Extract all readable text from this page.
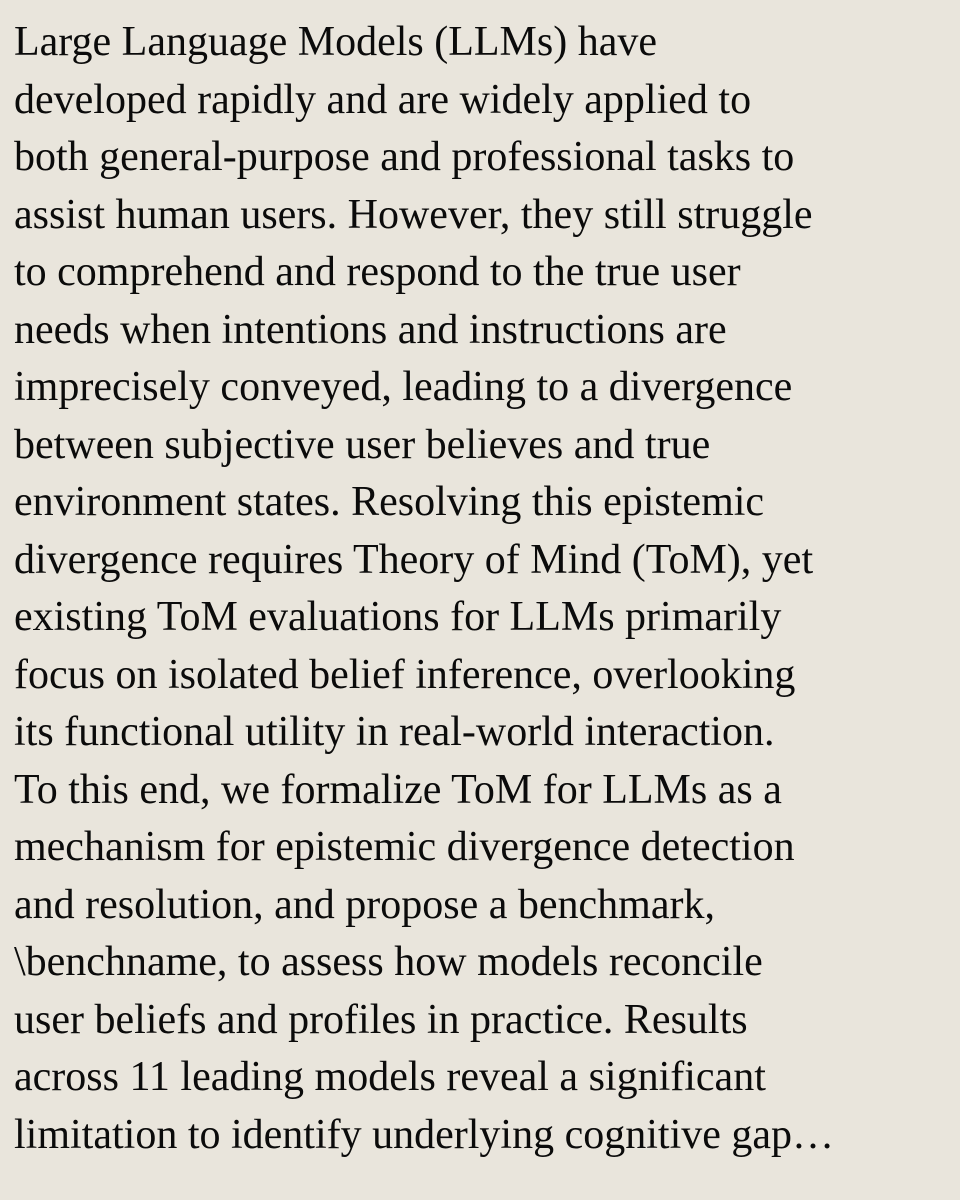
Large Language Models (LLMs) have
developed rapidly and are widely applied to
both general-purpose and professional tasks to
assist human users. However, they still struggle
to comprehend and respond to the true user
needs when intentions and instructions are
imprecisely conveyed, leading to a divergence
between subjective user believes and true
environment states. Resolving this epistemic
divergence requires Theory of Mind (ToM), yet
existing ToM evaluations for LLMs primarily
focus on isolated belief inference, overlooking
its functional utility in real-world interaction.
To this end, we formalize ToM for LLMs as a
mechanism for epistemic divergence detection
and resolution, and propose a benchmark,
\benchname, to assess how models reconcile
user beliefs and profiles in practice. Results
across 11 leading models reveal a significant
limitation to identify underlying cognitive gap…
